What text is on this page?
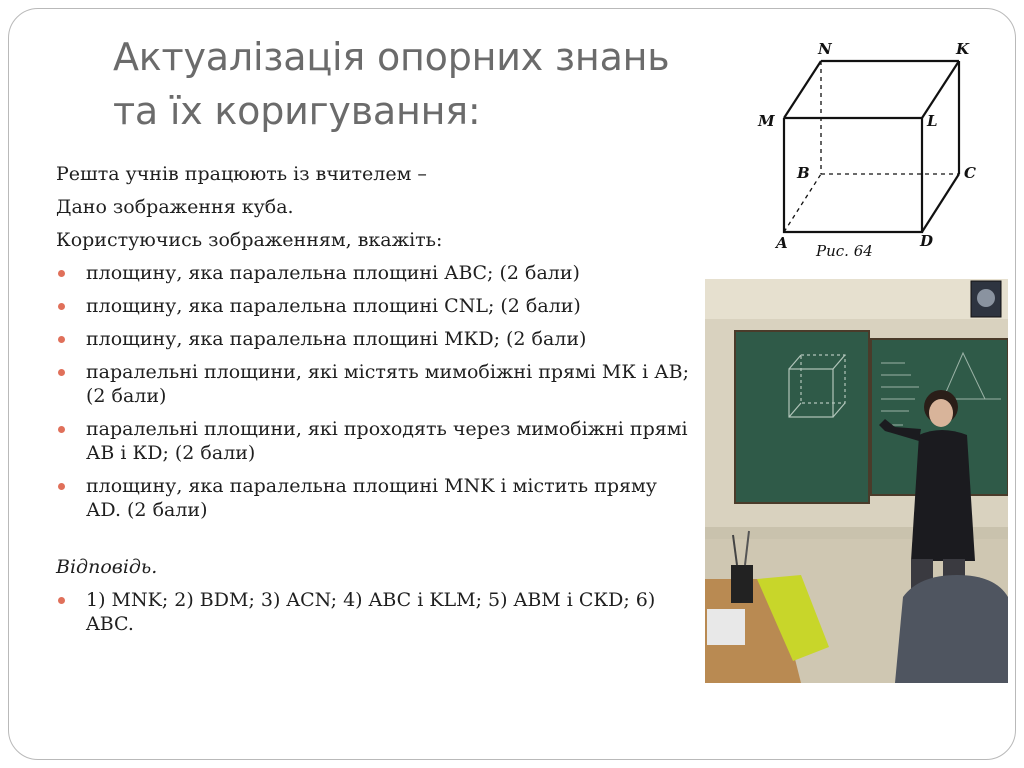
Актуалізація опорних знань
та їх коригування:
Решта учнів працюють із вчителем –
Дано зображення куба.
Користуючись зображенням, вкажіть:
площину, яка паралельна площині АВС; (2 бали)
площину, яка паралельна площині СNL; (2 бали)
площину, яка паралельна площині МКD; (2 бали)
паралельні площини, які містять мимобіжні прямі МК і АВ; (2 бали)
паралельні площини, які проходять через мимобіжні прямі АВ і КD; (2 бали)
площину, яка паралельна площині MNK і містить пряму АD. (2 бали)
Відповідь.
1) MNK; 2) BDM; 3) ACN; 4) ABC і KLM; 5) ABM і СКD; 6) ABC.
N	K
M	L
B	C
A	D
Рис. 64
